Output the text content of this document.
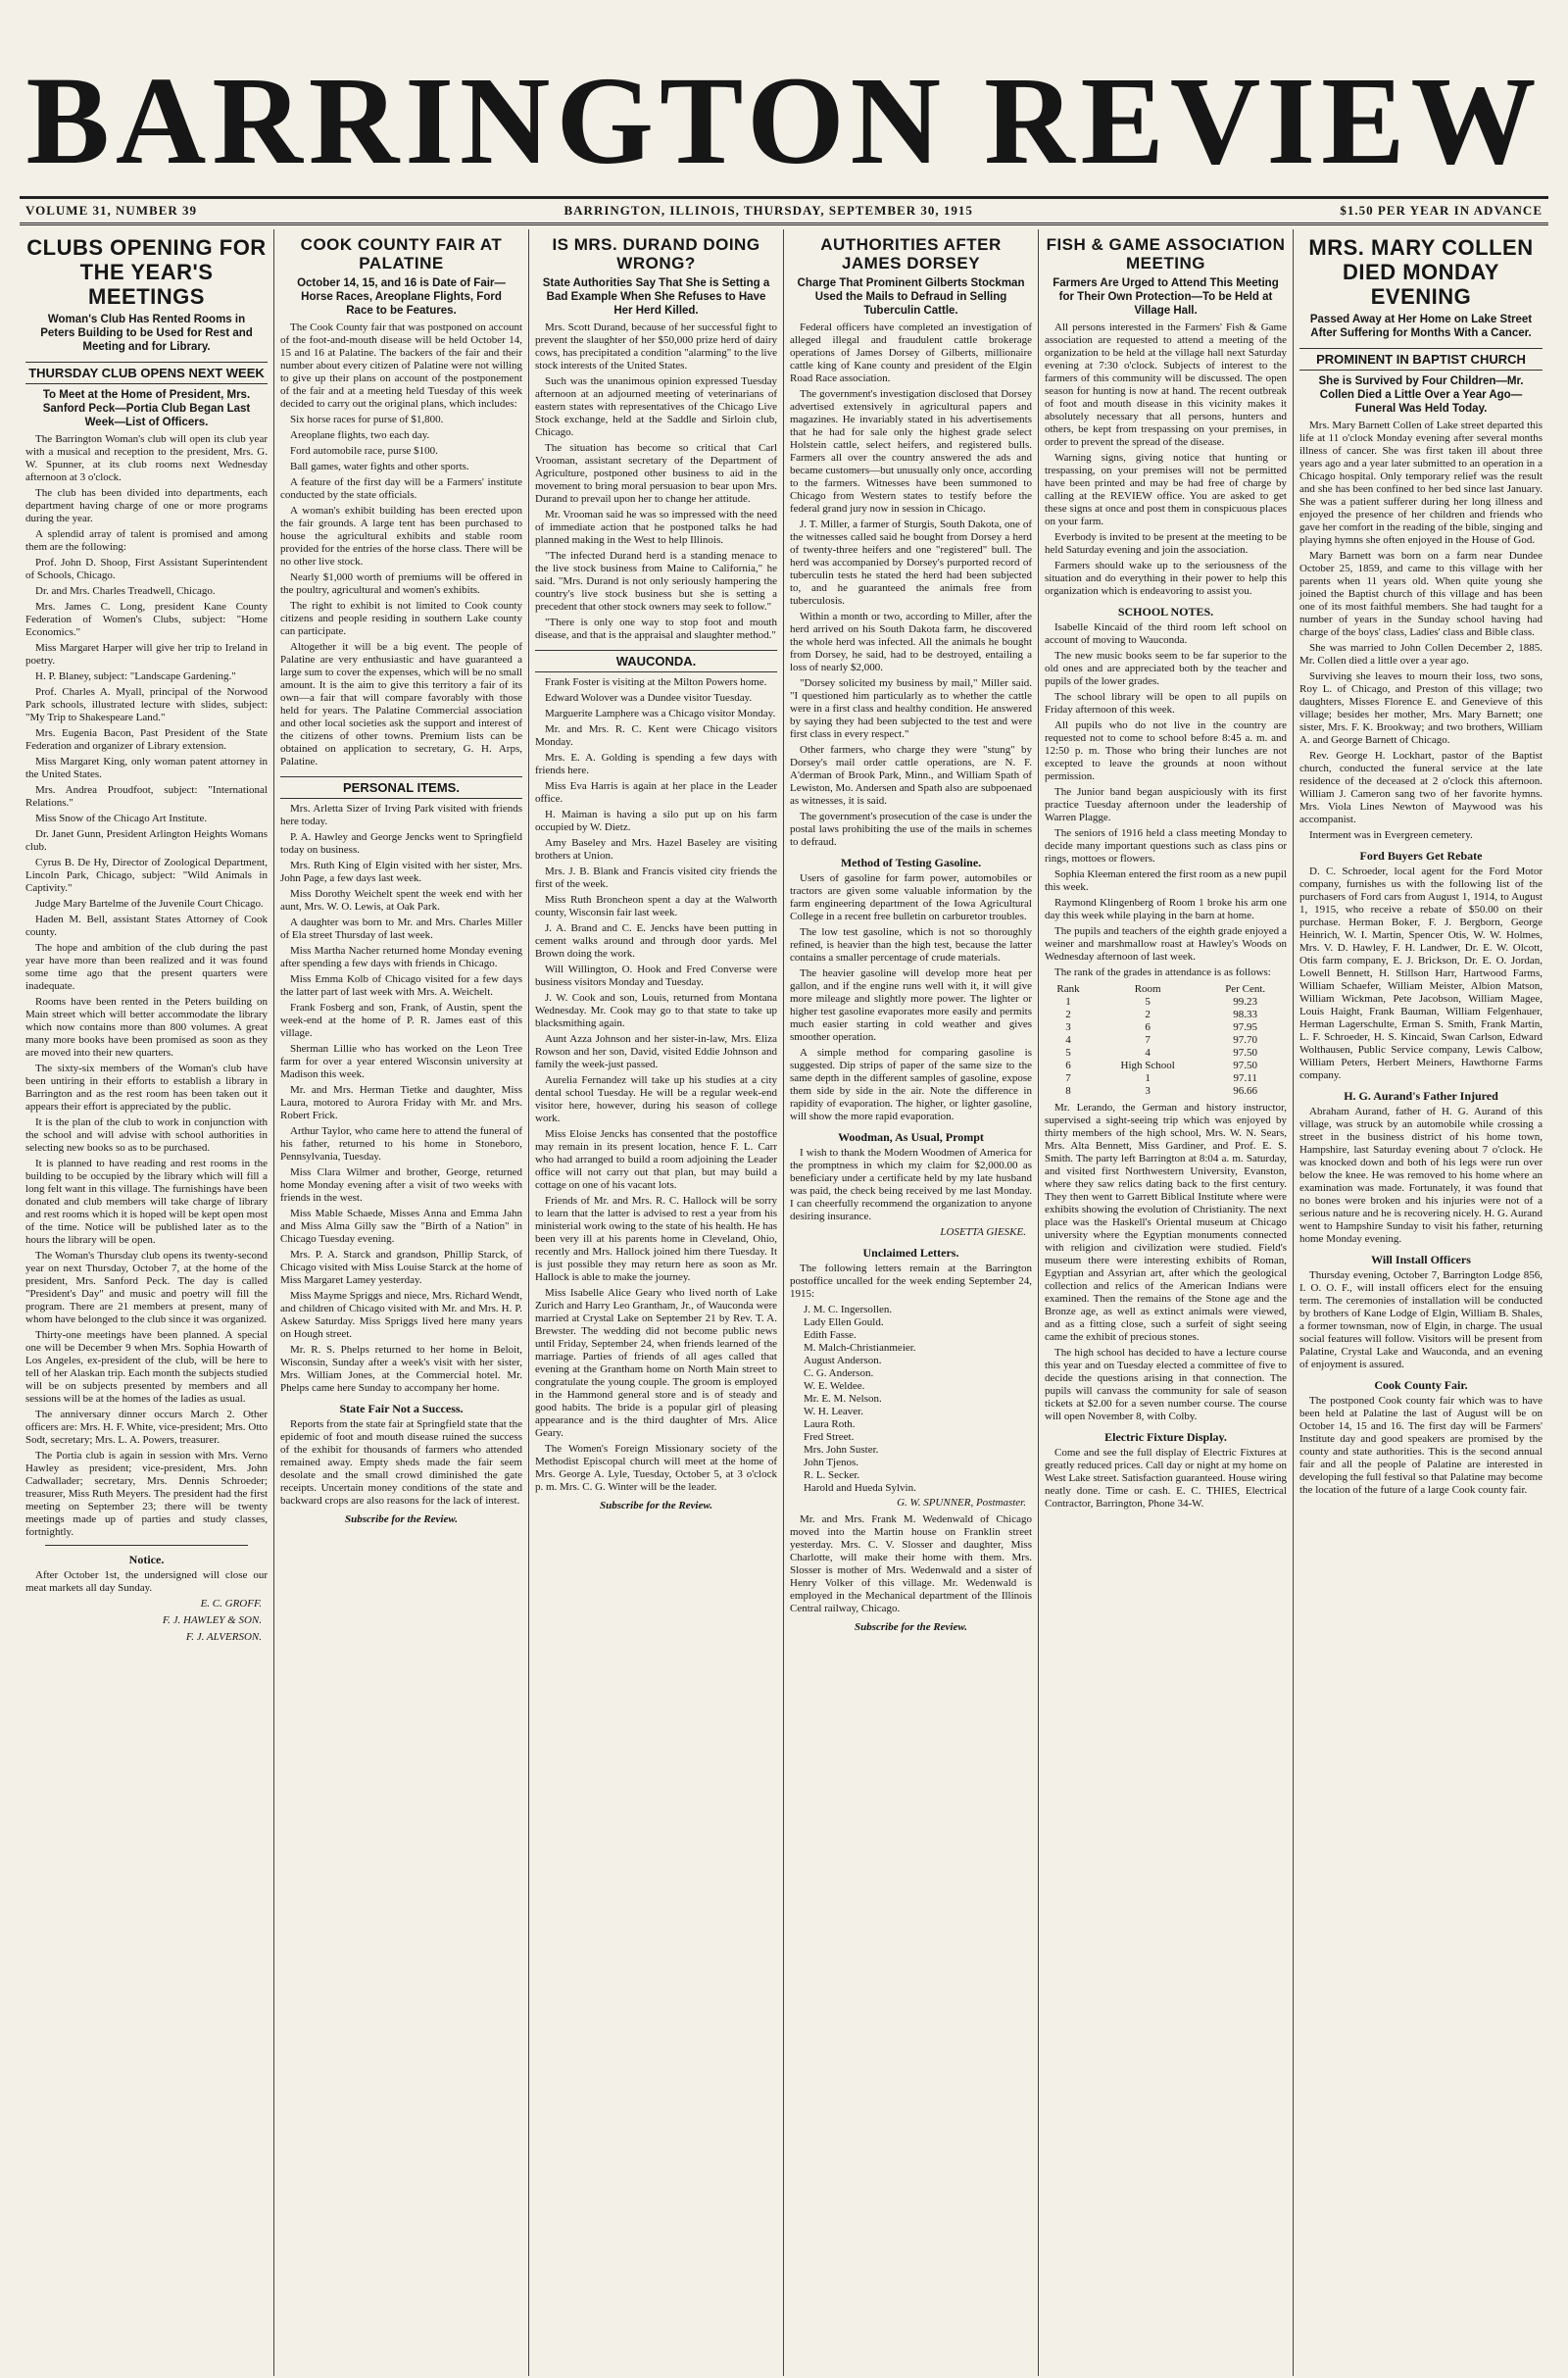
BARRINGTON REVIEW
VOLUME 31, NUMBER 39	BARRINGTON, ILLINOIS, THURSDAY, SEPTEMBER 30, 1915	$1.50 PER YEAR IN ADVANCE
CLUBS OPENING FOR THE YEAR'S MEETINGS
Woman's Club Has Rented Rooms in Peters Building to be Used for Rest and Meeting and for Library.
THURSDAY CLUB OPENS NEXT WEEK
To Meet at the Home of President, Mrs. Sanford Peck—Portia Club Began Last Week—List of Officers.

The Barrington Woman's club will open its club year with a musical and reception to the president, Mrs. G. W. Spunner, at its club rooms next Wednesday afternoon at 3 o'clock.

The club has been divided into departments, each department having charge of one or more programs during the year.

A splendid array of talent is promised and among them are the following:

Prof. John D. Shoop, First Assistant Superintendent of Schools, Chicago.

Dr. and Mrs. Charles Treadwell, Chicago.

Mrs. James C. Long, president Kane County Federation of Women's Clubs, subject: "Home Economics."

Miss Margaret Harper will give her trip to Ireland in poetry.

H. P. Blaney, subject: "Landscape Gardening."

Prof. Charles A. Myall, principal of the Norwood Park schools, illustrated lecture with slides, subject: "My Trip to Shakespeare Land."

Mrs. Eugenia Bacon, Past President of the State Federation and organizer of Library extension.

Miss Margaret King, only woman patent attorney in the United States.

Mrs. Andrea Proudfoot, subject: "International Relations."

Miss Snow of the Chicago Art Institute.

Dr. Janet Gunn, President Arlington Heights Womans club.

Cyrus B. De Hy, Director of Zoological Department, Lincoln Park, Chicago, subject: "Wild Animals in Captivity."

Judge Mary Bartelme of the Juvenile Court Chicago.

Haden M. Bell, assistant States Attorney of Cook county.

The hope and ambition of the club during the past year have more than been realized and it was found some time ago that the present quarters were inadequate.

Rooms have been rented in the Peters building on Main street which will better accommodate the library which now contains more than 800 volumes. A great many more books have been promised as soon as they are moved into their new quarters.

The sixty-six members of the Woman's club have been untiring in their efforts to establish a library in Barrington and as the rest room has been taken out it appears their effort is appreciated by the public.

It is the plan of the club to work in conjunction with the school and will advise with school authorities in selecting new books so as to be purchased.

It is planned to have reading and rest rooms in the building to be occupied by the library which will fill a long felt want in this village. The furnishings have been donated and club members will take charge of library and rest rooms which it is hoped will be kept open most of the time. Notice will be published later as to the hours the library will be open.

The Woman's Thursday club opens its twenty-second year on next Thursday, October 7, at the home of the president, Mrs. Sanford Peck. The day is called "President's Day" and music and poetry will fill the program. There are 21 members at present, many of whom have belonged to the club since it was organized.

Thirty-one meetings have been planned. A special one will be December 9 when Mrs. Sophia Howarth of Los Angeles, ex-president of the club, will be here to tell of her Alaskan trip. Each month the subjects studied will be on subjects presented by members and all sessions will be at the homes of the ladies as usual.

The anniversary dinner occurs March 2. Other officers are: Mrs. H. F. White, vice-president; Mrs. Otto Sodt, secretary; Mrs. L. A. Powers, treasurer.

The Portia club is again in session with Mrs. Verno Hawley as president; vice-president, Mrs. John Cadwallader; secretary, Mrs. Dennis Schroeder; treasurer, Miss Ruth Meyers. The president had the first meeting on September 23; there will be twenty meetings made up of parties and study classes, fortnightly.

Notice.

After October 1st, the undersigned will close our meat markets all day Sunday.

E. C. GROFF.
F. J. HAWLEY & SON.
F. J. ALVERSON.
COOK COUNTY FAIR AT PALATINE
October 14, 15, and 16 is Date of Fair—Horse Races, Areoplane Flights, Ford Race to be Features.

The Cook County fair that was postponed on account of the foot-and-mouth disease will be held October 14, 15 and 16 at Palatine. The backers of the fair and their number about every citizen of Palatine were not willing to give up their plans on account of the postponement of the fair and at a meeting held Tuesday of this week decided to carry out the original plans, which includes:

Six horse races for purse of $1,800.

Areoplane flights, two each day.

Ford automobile race, purse $100.

Ball games, water fights and other sports.

A feature of the first day will be a Farmers' institute conducted by the state officials.

A woman's exhibit building has been erected upon the fair grounds. A large tent has been purchased to house the agricultural exhibits and stable room provided for the entries of the horse class. There will be no other live stock.

Nearly $1,000 worth of premiums will be offered in the poultry, agricultural and women's exhibits.

The right to exhibit is not limited to Cook county citizens and people residing in southern Lake county can participate.

Altogether it will be a big event. The people of Palatine are very enthusiastic and have guaranteed a large sum to cover the expenses, which will be no small amount. It is the aim to give this territory a fair of its own—a fair that will compare favorably with those held for years. The Palatine Commercial association and other local societies ask the support and interest of the citizens of other towns. Premium lists can be obtained on application to secretary, G. H. Arps, Palatine.

PERSONAL ITEMS.

Mrs. Arletta Sizer of Irving Park visited with friends here today.

P. A. Hawley and George Jencks went to Springfield today on business.

Mrs. Ruth King of Elgin visited with her sister, Mrs. John Page, a few days last week.

Miss Dorothy Weichelt spent the week end with her aunt, Mrs. W. O. Lewis, at Oak Park.

A daughter was born to Mr. and Mrs. Charles Miller of Ela street Thursday of last week.

Miss Martha Nacher returned home Monday evening after spending a few days with friends in Chicago.

Miss Emma Kolb of Chicago visited for a few days the latter part of last week with Mrs. A. Weichelt.

Frank Fosberg and son, Frank, of Austin, spent the week-end at the home of P. R. James east of this village.

Sherman Lillie who has worked on the Leon Tree farm for over a year entered Wisconsin university at Madison this week.

Mr. and Mrs. Herman Tietke and daughter, Miss Laura, motored to Aurora Friday with Mr. and Mrs. Robert Frick.

Arthur Taylor, who came here to attend the funeral of his father, returned to his home in Stoneboro, Pennsylvania, Tuesday.

Miss Clara Wilmer and brother, George, returned home Monday evening after a visit of two weeks with friends in the west.

Miss Mable Schaede, Misses Anna and Emma Jahn and Miss Alma Gilly saw the "Birth of a Nation" in Chicago Tuesday evening.

Mrs. P. A. Starck and grandson, Phillip Starck, of Chicago visited with Miss Louise Starck at the home of Miss Margaret Lamey yesterday.

Miss Mayme Spriggs and niece, Mrs. Richard Wendt, and children of Chicago visited with Mr. and Mrs. H. P. Askew Saturday. Miss Spriggs lived here many years on Hough street.

Mr. R. S. Phelps returned to her home in Beloit, Wisconsin, Sunday after a week's visit with her sister, Mrs. William Jones, at the Commercial hotel. Mr. Phelps came here Sunday to accompany her home.

State Fair Not a Success.

Reports from the state fair at Springfield state that the epidemic of foot and mouth disease ruined the success of the exhibit for thousands of farmers who attended remained away. Empty sheds made the fair seem desolate and the small crowd diminished the gate receipts. Uncertain money conditions of the state and backward crops are also reasons for the lack of interest.

Subscribe for the Review.
IS MRS. DURAND DOING WRONG?
State Authorities Say That She is Setting a Bad Example When She Refuses to Have Her Herd Killed.

Mrs. Scott Durand, because of her successful fight to prevent the slaughter of her $50,000 prize herd of dairy cows, has precipitated a condition "alarming" to the live stock interests of the United States.

Such was the unanimous opinion expressed Tuesday afternoon at an adjourned meeting of veterinarians of eastern states with representatives of the Chicago Live Stock exchange, held at the Saddle and Sirloin club, Chicago.

The situation has become so critical that Carl Vrooman, assistant secretary of the Department of Agriculture, postponed other business to aid in the movement to bring moral persuasion to bear upon Mrs. Durand to prevail upon her to change her attitude.

Mr. Vrooman said he was so impressed with the need of immediate action that he postponed talks he had planned making in the West to help Illinois.

"The infected Durand herd is a standing menace to the live stock business from Maine to California," he said. "Mrs. Durand is not only seriously hampering the country's live stock business but she is setting a precedent that other stock owners may seek to follow."

"There is only one way to stop foot and mouth disease, and that is the appraisal and slaughter method."

WAUCONDA.

Frank Foster is visiting at the Milton Powers home.

Edward Wolover was a Dundee visitor Tuesday.

Marguerite Lamphere was a Chicago visitor Monday.

Mr. and Mrs. R. C. Kent were Chicago visitors Monday.

Mrs. E. A. Golding is spending a few days with friends here.

Miss Eva Harris is again at her place in the Leader office.

H. Maiman is having a silo put up on his farm occupied by W. Dietz.

Amy Baseley and Mrs. Hazel Baseley are visiting brothers at Union.

Mrs. J. B. Blank and Francis visited city friends the first of the week.

Miss Ruth Broncheon spent a day at the Walworth county, Wisconsin fair last week.

J. A. Brand and C. E. Jencks have been putting in cement walks around and through door yards. Mel Brown doing the work.

Will Willington, O. Hook and Fred Converse were business visitors Monday and Tuesday.

J. W. Cook and son, Louis, returned from Montana Wednesday. Mr. Cook may go to that state to take up blacksmithing again.

Aunt Azza Johnson and her sister-in-law, Mrs. Eliza Rowson and her son, David, visited Eddie Johnson and family the week-just passed.

Aurelia Fernandez will take up his studies at a city dental school Tuesday. He will be a regular week-end visitor here, however, during his season of college work.

Miss Eloise Jencks has consented that the postoffice may remain in its present location, hence F. L. Carr who had arranged to build a room adjoining the Leader office will not carry out that plan, but may build a cottage on one of his vacant lots.

Friends of Mr. and Mrs. R. C. Hallock will be sorry to learn that the latter is advised to rest a year from his ministerial work owing to the state of his health. He has been very ill at his parents home in Cleveland, Ohio, recently and Mrs. Hallock joined him there Tuesday. It is just possible they may return here as soon as Mr. Hallock is able to make the journey.

Miss Isabelle Alice Geary who lived north of Lake Zurich and Harry Leo Grantham, Jr., of Wauconda were married at Crystal Lake on September 21 by Rev. T. A. Brewster. The wedding did not become public news until Friday, September 24, when friends learned of the marriage. Parties of friends of all ages called that evening at the Grantham home on North Main street to congratulate the young couple. The groom is employed in the Hammond general store and is of steady and good habits. The bride is a popular girl of pleasing appearance and is the third daughter of Mrs. Alice Geary.

The Women's Foreign Missionary society of the Methodist Episcopal church will meet at the home of Mrs. George A. Lyle, Tuesday, October 5, at 3 o'clock p. m. Mrs. C. G. Winter will be the leader.

Subscribe for the Review.
AUTHORITIES AFTER JAMES DORSEY
Charge That Prominent Gilberts Stockman Used the Mails to Defraud in Selling Tuberculin Cattle.

Federal officers have completed an investigation of alleged illegal and fraudulent cattle brokerage operations of James Dorsey of Gilberts, millionaire cattle king of Kane county and president of the Elgin Road Race association.

The government's investigation disclosed that Dorsey advertised extensively in agricultural papers and magazines. He invariably stated in his advertisements that he had for sale only the highest grade select Holstein cattle, select heifers, and registered bulls. Farmers all over the country answered the ads and became customers—but unusually only once, according to the farmers. Witnesses have been summoned to Chicago from Western states to testify before the federal grand jury now in session in Chicago.

J. T. Miller, a farmer of Sturgis, South Dakota, one of the witnesses called said he bought from Dorsey a herd of twenty-three heifers and one "registered" bull. The herd was accompanied by Dorsey's purported record of tuberculin tests he stated the herd had been subjected to, and he guaranteed the animals free from tuberculosis.

Within a month or two, according to Miller, after the herd arrived on his South Dakota farm, he discovered the whole herd was infected. All the animals he bought from Dorsey, he said, had to be destroyed, entailing a loss of nearly $2,000.

"Dorsey solicited my business by mail," Miller said. "I questioned him particularly as to whether the cattle were in a first class and healthy condition. He answered by saying they had been subjected to the test and were first class in every respect."

Other farmers, who charge they were "stung" by Dorsey's mail order cattle operations, are N. F. A'derman of Brook Park, Minn., and William Spath of Lewiston, Mo. Andersen and Spath also are subpoenaed as witnesses, it is said.

The government's prosecution of the case is under the postal laws prohibiting the use of the mails in schemes to defraud.

Method of Testing Gasoline.

Users of gasoline for farm power, automobiles or tractors are given some valuable information by the farm engineering department of the Iowa Agricultural College in a recent free bulletin on carburetor troubles.

The low test gasoline, which is not so thoroughly refined, is heavier than the high test, because the latter contains a smaller percentage of crude materials.

The heavier gasoline will develop more heat per gallon, and if the engine runs well with it, it will give more mileage and slightly more power. The lighter or higher test gasoline evaporates more easily and permits much easier starting in cold weather and gives smoother operation.

A simple method for comparing gasoline is suggested. Dip strips of paper of the same size to the same depth in the different samples of gasoline, expose them side by side in the air. Note the difference in rapidity of evaporation. The higher, or lighter gasoline, will show the more rapid evaporation.

Woodman, As Usual, Prompt

I wish to thank the Modern Woodmen of America for the promptness in which my claim for $2,000.00 as beneficiary under a certificate held by my late husband was paid, the check being received by me last Monday. I can cheerfully recommend the organization to anyone desiring insurance.

LOSETTA GIESKE.
Unclaimed Letters.

The following letters remain at the Barrington postoffice uncalled for the week ending September 24, 1915:

J. M. C. Ingersollen.
Lady Ellen Gould.
Edith Fasse.
M. Malch-Christianmeier.
August Anderson.
C. G. Anderson.
W. E. Weldee.
Mr. E. M. Nelson.
W. H. Leaver.
Laura Roth.
Fred Street.
Mrs. John Suster.
John Tjenos.
R. L. Secker.
Harold and Hueda Sylvin.
G. W. SPUNNER, Postmaster.

Mr. and Mrs. Frank M. Wedenwald of Chicago moved into the Martin house on Franklin street yesterday. Mrs. C. V. Slosser and daughter, Miss Charlotte, will make their home with them. Mrs. Slosser is mother of Mrs. Wedenwald and a sister of Henry Volker of this village. Mr. Wedenwald is employed in the Mechanical department of the Illinois Central railway, Chicago.

Subscribe for the Review.
FISH & GAME ASSOCIATION MEETING
Farmers Are Urged to Attend This Meeting for Their Own Protection—To be Held at Village Hall.

All persons interested in the Farmers' Fish & Game association are requested to attend a meeting of the organization to be held at the village hall next Saturday evening at 7:30 o'clock. Subjects of interest to the farmers of this community will be discussed. The open season for hunting is now at hand. The recent outbreak of foot and mouth disease in this vicinity makes it absolutely necessary that all persons, hunters and others, be kept from trespassing on your premises, in order to prevent the spread of the disease.

Warning signs, giving notice that hunting or trespassing, on your premises will not be permitted have been printed and may be had free of charge by calling at the REVIEW office. You are asked to get these signs at once and post them in conspicuous places on your farm.

Everbody is invited to be present at the meeting to be held Saturday evening and join the association.

Farmers should wake up to the seriousness of the situation and do everything in their power to help this organization which is endeavoring to assist you.

SCHOOL NOTES.

Isabelle Kincaid of the third room left school on account of moving to Wauconda.

The new music books seem to be far superior to the old ones and are appreciated both by the teacher and pupils of the lower grades.

The school library will be open to all pupils on Friday afternoon of this week.

All pupils who do not live in the country are requested not to come to school before 8:45 a. m. and 12:50 p. m. Those who bring their lunches are not excepted to leave the grounds at noon without permission.

The Junior band began auspiciously with its first practice Tuesday afternoon under the leadership of Warren Plagge.

The seniors of 1916 held a class meeting Monday to decide many important questions such as class pins or rings, mottoes or flowers.

Sophia Kleeman entered the first room as a new pupil this week.

Raymond Klingenberg of Room 1 broke his arm one day this week while playing in the barn at home.

The pupils and teachers of the eighth grade enjoyed a weiner and marshmallow roast at Hawley's Woods on Wednesday afternoon of last week.

The rank of the grades in attendance is as follows:

Rank	Room	Per Cent.
1	5	99.23
2	2	98.33
3	6	97.95
4	7	97.70
5	4	97.50
6	High School	97.50
7	1	97.11
8	3	96.66

Mr. Lerando, the German and history instructor, supervised a sight-seeing trip which was enjoyed by thirty members of the high school, Mrs. W. N. Sears, Mrs. Alta Bennett, Miss Gardiner, and Prof. E. S. Smith. The party left Barrington at 8:04 a. m. Saturday, and visited first Northwestern University, Evanston, where they saw relics dating back to the first century. They then went to Garrett Biblical Institute where were exhibits showing the evolution of Christianity. The next place was the Haskell's Oriental museum at Chicago university where the Egyptian monuments connected with religion and civilization were studied. Field's museum there were interesting exhibits of Roman, Egyptian and Assyrian art, after which the geological collection and relics of the American Indians were examined. Then the remains of the Stone age and the Bronze age, as well as extinct animals were viewed, and as a fitting close, such a surfeit of sight seeing came the exhibit of precious stones.

The high school has decided to have a lecture course this year and on Tuesday elected a committee of five to decide the questions arising in that connection. The pupils will canvass the community for sale of season tickets at $2.00 for a seven number course. The course will open November 8, with Colby.

Electric Fixture Display.

Come and see the full display of Electric Fixtures at greatly reduced prices. Call day or night at my home on West Lake street. Satisfaction guaranteed. House wiring neatly done. Time or cash. E. C. THIES, Electrical Contractor, Barrington, Phone 34-W.

MRS. MARY COLLEN DIED MONDAY EVENING
Passed Away at Her Home on Lake Street After Suffering for Months With a Cancer.
PROMINENT IN BAPTIST CHURCH
She is Survived by Four Children—Mr. Collen Died a Little Over a Year Ago—Funeral Was Held Today.

Mrs. Mary Barnett Collen of Lake street departed this life at 11 o'clock Monday evening after several months illness of cancer. She was first taken ill about three years ago and a year later submitted to an operation in a Chicago hospital. Only temporary relief was the result and she has been confined to her bed since last January. She was a patient sufferer during her long illness and enjoyed the presence of her children and friends who gave her comfort in the reading of the bible, singing and playing hymns she often enjoyed in the House of God.

Mary Barnett was born on a farm near Dundee October 25, 1859, and came to this village with her parents when 11 years old. When quite young she joined the Baptist church of this village and has been one of its most faithful members. She had taught for a number of years in the Sunday school having had charge of the boys' class, Ladies' class and Bible class.

She was married to John Collen December 2, 1885. Mr. Collen died a little over a year ago.

Surviving she leaves to mourn their loss, two sons, Roy L. of Chicago, and Preston of this village; two daughters, Misses Florence E. and Genevieve of this village; besides her mother, Mrs. Mary Barnett; one sister, Mrs. F. K. Brookway; and two brothers, William A. and George Barnett of Chicago.

Rev. George H. Lockhart, pastor of the Baptist church, conducted the funeral service at the late residence of the deceased at 2 o'clock this afternoon. William J. Cameron sang two of her favorite hymns. Mrs. Viola Lines Newton of Maywood was his accompanist.

Interment was in Evergreen cemetery.

Ford Buyers Get Rebate

D. C. Schroeder, local agent for the Ford Motor company, furnishes us with the following list of the purchasers of Ford cars from August 1, 1914, to August 1, 1915, who receive a rebate of $50.00 on their purchase. Herman Boker, F. J. Bergborn, George Heinrich, W. I. Martin, Spencer Otis, W. W. Holmes, Mrs. V. D. Hawley, F. H. Landwer, Dr. E. W. Olcott, Otis farm company, E. J. Brickson, Dr. E. O. Jordan, Lowell Bennett, H. Stillson Harr, Hartwood Farms, William Schaefer, William Meister, Albion Matson, William Wickman, Pete Jacobson, William Magee, Louis Haight, Frank Bauman, William Felgenhauer, Herman Lagerschulte, Erman S. Smith, Frank Martin, L. F. Schroeder, H. S. Kincaid, Swan Carlson, Edward Wolthausen, Public Service company, Lewis Calbow, William Peters, Herbert Meiners, Hawthorne Farms company.

H. G. Aurand's Father Injured

Abraham Aurand, father of H. G. Aurand of this village, was struck by an automobile while crossing a street in the business district of his home town, Hampshire, last Saturday evening about 7 o'clock. He was knocked down and both of his legs were run over below the knee. He was removed to his home where an examination was made. Fortunately, it was found that no bones were broken and his injuries were not of a serious nature and he is recovering nicely. H. G. Aurand went to Hampshire Sunday to visit his father, returning home Monday evening.

Will Install Officers

Thursday evening, October 7, Barrington Lodge 856, I. O. O. F., will install officers elect for the ensuing term. The ceremonies of installation will be conducted by brothers of Kane Lodge of Elgin, William B. Shales, a former townsman, now of Elgin, in charge. The usual social features will follow. Visitors will be present from Palatine, Crystal Lake and Wauconda, and an evening of enjoyment is assured.

Cook County Fair.

The postponed Cook county fair which was to have been held at Palatine the last of August will be on October 14, 15 and 16. The first day will be Farmers' Institute day and good speakers are promised by the county and state authorities. This is the second annual fair and all the people of Palatine are interested in developing the full festival so that Palatine may become the location of the future of a large Cook county fair.
